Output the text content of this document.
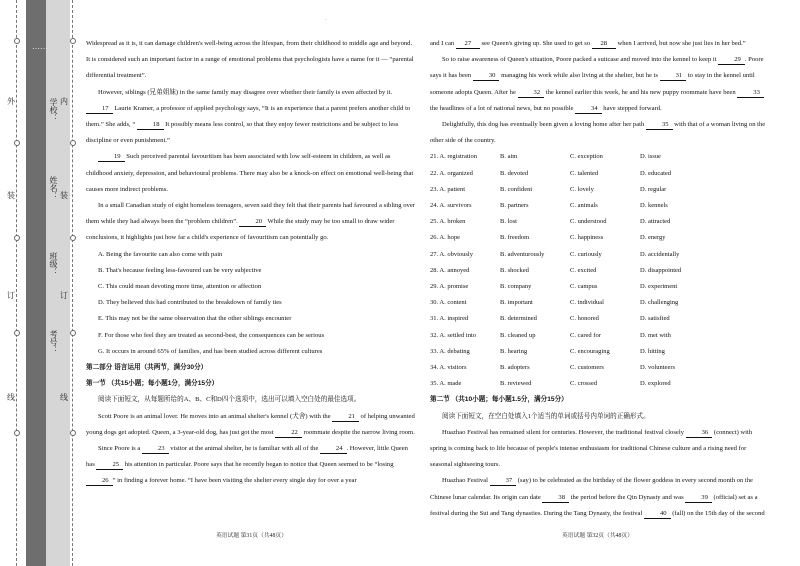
外	内
装	装
订	订
线	线
……
学校：
姓名：
班级：
考号：
·

Widespread as it is, it can damage children's well-being across the lifespan, from their childhood to middle age and beyond. It is considered such an important factor in a range of emotional problems that psychologists have a name for it — “parental differential treatment”.

However, siblings (兄弟姐妹) in the same family may disagree over whether their family is even affected by it. 17 Laurie Kramer, a professor of applied psychology says, “It is an experience that a parent prefers another child to them.” She adds, “ 18 It possibly means less control, so that they enjoy fewer restrictions and be subject to less discipline or even punishment.”

19 Such perceived parental favouritism has been associated with low self-esteem in children, as well as childhood anxiety, depression, and behavioural problems. There may also be a knock-on effect on emotional well-being that causes more indirect problems.

In a small Canadian study of eight homeless teenagers, seven said they felt that their parents had favoured a sibling over them while they had always been the “problem children”. 20 While the study may be too small to draw wider conclusions, it highlights just how far a child's experience of favouritism can potentially go.

A. Being the favourite can also come with pain

B. That's because feeling less-favoured can be very subjective

C. This could mean devoting more time, attention or affection

D. They believed this had contributed to the breakdown of family ties

E. This may not be the same observation that the other siblings encounter

F. For those who feel they are treated as second-best, the consequences can be serious

G. It occurs in around 65% of families, and has been studied across different cultures

第二部分 语言运用（共两节，满分30分）

第一节 （共15小题；每小题1分，满分15分）

阅读下面短文，从每题所给的A、B、C和D四个选项中，选出可以填入空白处的最佳选项。

Scott Poore is an animal lover. He moves into an animal shelter's kennel (犬舍) with the 21 of helping unwanted young dogs get adopted. Queen, a 3-year-old dog, has just got the most 22 roommate despite the narrow living room.

Since Poore is a 23 visitor at the animal shelter, he is familiar with all of the 24 . However, little Queen has 25 his attention in particular. Poore says that he recently began to notice that Queen seemed to be “losing 26 ” in finding a forever home. “I have been visiting the shelter every single day for over a year

and I can 27 see Queen's giving up. She used to get so 28 when I arrived, but now she just lies in her bed.”

So to raise awareness of Queen's situation, Poore packed a suitcase and moved into the kennel to keep it 29 . Poore says it has been 30 managing his work while also living at the shelter, but he is 31 to stay in the kennel until someone adopts Queen. After he 32 the kennel earlier this week, he and his new puppy roommate have been 33 the headlines of a lot of national news, but no possible 34 have stepped forward.

Delightfully, this dog has eventually been given a loving home after her path 35 with that of a woman living on the other side of the country.

21. A. registration	B. aim	C. exception	D. issue
22. A. organized	B. devoted	C. talented	D. educated
23. A. patient	B. confident	C. lovely	D. regular
24. A. survivors	B. partners	C. animals	D. kennels
25. A. broken	B. lost	C. understood	D. attracted
26. A. hope	B. freedom	C. happiness	D. energy
27. A. obviously	B. adventurously	C. curiously	D. accidentally
28. A. annoyed	B. shocked	C. excited	D. disappointed
29. A. promise	B. company	C. campus	D. experiment
30. A. content	B. important	C. individual	D. challenging
31. A. inspired	B. determined	C. honored	D. satisfied
32. A. settled into	B. cleaned up	C. cared for	D. met with
33. A. debating	B. hearing	C. encouraging	D. hitting
34. A. visitors	B. adopters	C. customers	D. volunteers
35. A. made	B. reviewed	C. crossed	D. explored

第二节 （共10小题；每小题1.5分，满分15分）

阅读下面短文，在空白处填入1个适当的单词或括号内单词的正确形式。

Huazhao Festival has remained silent for centuries. However, the traditional festival closely 36 (connect) with spring is coming back to life because of people's intense enthusiasm for traditional Chinese culture and a rising need for seasonal sightseeing tours.

Huazhao Festival 37 (say) to be celebrated as the birthday of the flower goddess in every second month on the Chinese lunar calendar. Its origin can date 38 the period before the Qin Dynasty and was 39 (official) set as a festival during the Sui and Tang dynasties. During the Tang Dynasty, the festival 40 (fall) on the 15th day of the second

英语试题 第31页（共48页）	英语试题 第32页（共48页）
